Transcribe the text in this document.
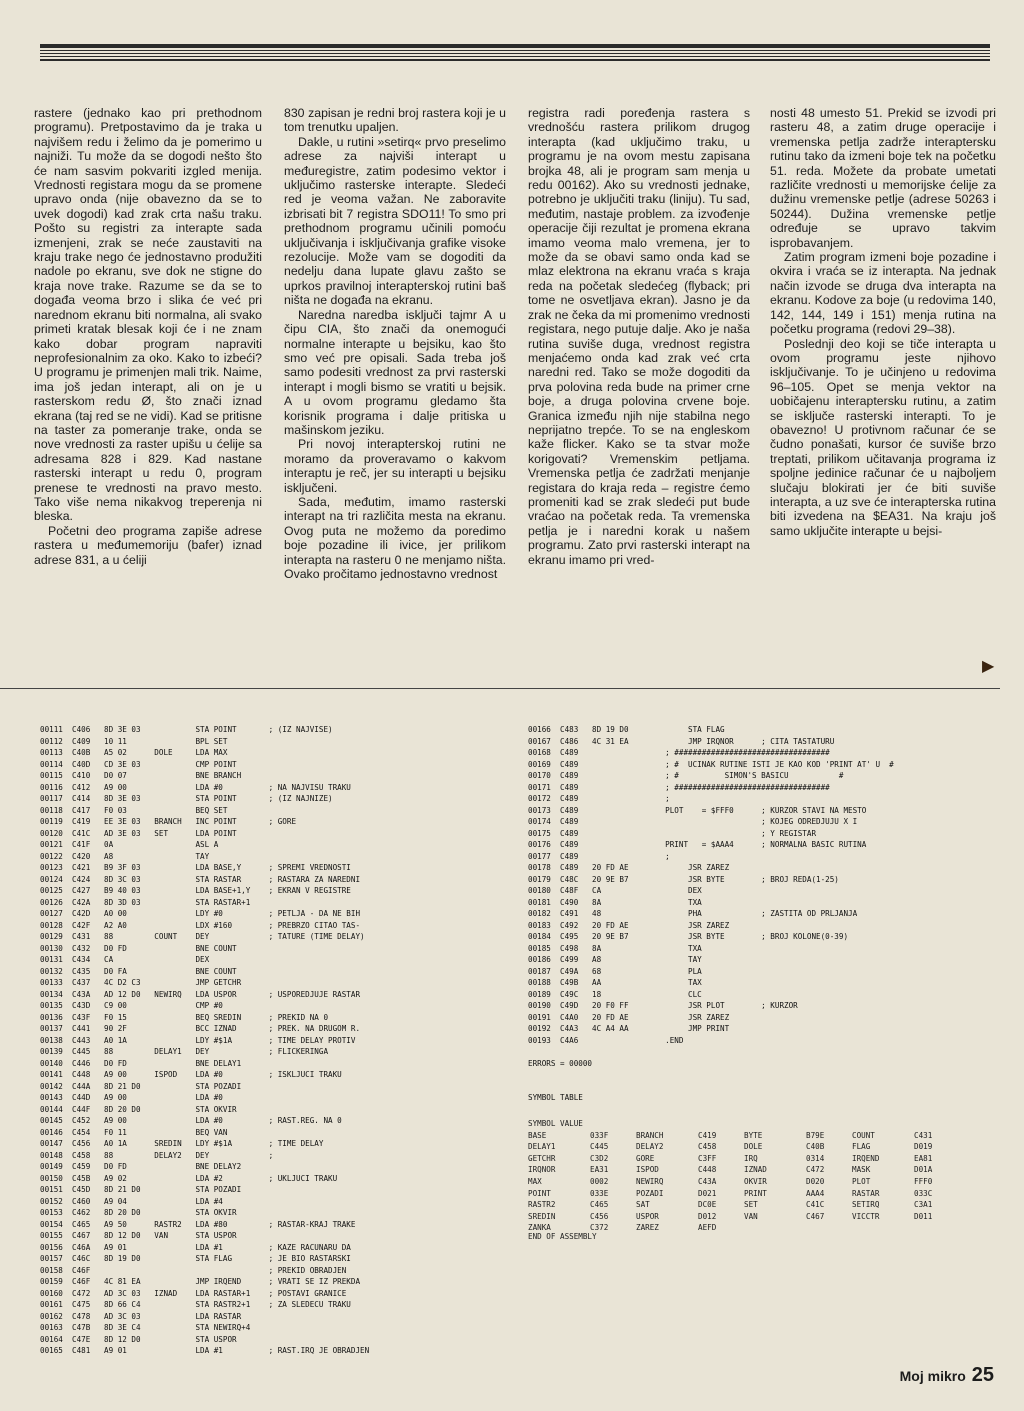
rastere (jednako kao pri prethodnom programu). Pretpostavimo da je traka u najvišem redu i želimo da je pomerimo u najniži. Tu može da se dogodi nešto što će nam sasvim pokvariti izgled menija. Vrednosti registara mogu da se promene upravo onda (nije obavezno da se to uvek dogodi) kad zrak crta našu traku. Pošto su registri za interapte sada izmenjeni, zrak se neće zaustaviti na kraju trake nego će jednostavno produžiti nadole po ekranu, sve dok ne stigne do kraja nove trake. Razume se da se to događa veoma brzo i slika će već pri narednom ekranu biti normalna, ali svako primeti kratak blesak koji će i ne znam kako dobar program napraviti neprofesionalnim za oko. Kako to izbeći? U programu je primenjen mali trik. Naime, ima još jedan interapt, ali on je u rasterskom redu Ø, što znači iznad ekrana (taj red se ne vidi). Kad se pritisne na taster za pomeranje trake, onda se nove vrednosti za raster upišu u ćelije sa adresama 828 i 829. Kad nastane rasterski interapt u redu 0, program prenese te vrednosti na pravo mesto. Tako više nema nikakvog treperenja ni bleska.

Početni deo programa zapiše adrese rastera u međumemoriju (bafer) iznad adrese 831, a u ćeliji

830 zapisan je redni broj rastera koji je u tom trenutku upaljen.

Dakle, u rutini »setirq« prvo preselimo adrese za najviši interapt u međuregistre, zatim podesimo vektor i uključimo rasterske interapte. Sledeći red je veoma važan. Ne zaboravite izbrisati bit 7 registra SDO11! To smo pri prethodnom programu učinili pomoću uključivanja i isključivanja grafike visoke rezolucije. Može vam se dogoditi da nedelju dana lupate glavu zašto se uprkos pravilnoj interapterskoj rutini baš ništa ne događa na ekranu.

Naredna naredba isključi tajmr A u čipu CIA, što znači da onemogući normalne interapte u bejsiku, kao što smo već pre opisali. Sada treba još samo podesiti vrednost za prvi rasterski interapt i mogli bismo se vratiti u bejsik. A u ovom programu gledamo šta korisnik programa i dalje pritiska u mašinskom jeziku.

Pri novoj interapterskoj rutini ne moramo da proveravamo o kakvom interaptu je reč, jer su interapti u bejsiku isključeni.

Sada, međutim, imamo rasterski interapt na tri različita mesta na ekranu. Ovog puta ne možemo da poredimo boje pozadine ili ivice, jer prilikom interapta na rasteru 0 ne menjamo ništa. Ovako pročitamo jednostavno vrednost

registra radi poređenja rastera s vrednošću rastera prilikom drugog interapta (kad uključimo traku, u programu je na ovom mestu zapisana brojka 48, ali je program sam menja u redu 00162). Ako su vrednosti jednake, potrebno je uključiti traku (liniju). Tu sad, međutim, nastaje problem. za izvođenje operacije čiji rezultat je promena ekrana imamo veoma malo vremena, jer to može da se obavi samo onda kad se mlaz elektrona na ekranu vraća s kraja reda na početak sledećeg (flyback; pri tome ne osvetljava ekran). Jasno je da zrak ne čeka da mi promenimo vrednosti registara, nego putuje dalje. Ako je naša rutina suviše duga, vrednost registra menjaćemo onda kad zrak već crta naredni red. Tako se može dogoditi da prva polovina reda bude na primer crne boje, a druga polovina crvene boje. Granica između njih nije stabilna nego neprijatno trepće. To se na engleskom kaže flicker. Kako se ta stvar može korigovati? Vremenskim petljama. Vremenska petlja će zadržati menjanje registara do kraja reda – registre ćemo promeniti kad se zrak sledeći put bude vraćao na početak reda. Ta vremenska petlja je i naredni korak u našem programu. Zato prvi rasterski interapt na ekranu imamo pri vred-

nosti 48 umesto 51. Prekid se izvodi pri rasteru 48, a zatim druge operacije i vremenska petlja zadrže interaptersku rutinu tako da izmeni boje tek na početku 51. reda. Možete da probate umetati različite vrednosti u memorijske ćelije za dužinu vremenske petlje (adrese 50263 i 50244). Dužina vremenske petlje određuje se upravo takvim isprobavanjem.

Zatim program izmeni boje pozadine i okvira i vraća se iz interapta. Na jednak način izvode se druga dva interapta na ekranu. Kodove za boje (u redovima 140, 142, 144, 149 i 151) menja rutina na početku programa (redovi 29–38).

Poslednji deo koji se tiče interapta u ovom programu jeste njihovo isključivanje. To je učinjeno u redovima 96–105. Opet se menja vektor na uobičajenu interaptersku rutinu, a zatim se isključe rasterski interapti. To je obavezno! U protivnom računar će se čudno ponašati, kursor će suviše brzo treptati, prilikom učitavanja programa iz spoljne jedinice računar će u najboljem slučaju blokirati jer će biti suviše interapta, a uz sve će interapterska rutina biti izvedena na $EA31. Na kraju još samo uključite interapte u bejsi-

▶
00111  C406   8D 3E 03            STA POINT       ; (IZ NAJVISE)
00112  C409   10 11               BPL SET
00113  C40B   A5 02      DOLE     LDA MAX
00114  C40D   CD 3E 03            CMP POINT
00115  C410   D0 07               BNE BRANCH
00116  C412   A9 00               LDA #0          ; NA NAJVISU TRAKU
00117  C414   8D 3E 03            STA POINT       ; (IZ NAJNIZE)
00118  C417   F0 03               BEQ SET
00119  C419   EE 3E 03   BRANCH   INC POINT       ; GORE
00120  C41C   AD 3E 03   SET      LDA POINT
00121  C41F   0A                  ASL A
00122  C420   A8                  TAY
00123  C421   B9 3F 03            LDA BASE,Y      ; SPREMI VREDNOSTI
00124  C424   8D 3C 03            STA RASTAR      ; RASTARA ZA NAREDNI
00125  C427   B9 40 03            LDA BASE+1,Y    ; EKRAN V REGISTRE
00126  C42A   8D 3D 03            STA RASTAR+1
00127  C42D   A0 00               LDY #0          ; PETLJA - DA NE BIH
00128  C42F   A2 A0               LDX #160        ; PREBRZO CITAO TAS-
00129  C431   88         COUNT    DEY             ; TATURE (TIME DELAY)
00130  C432   D0 FD               BNE COUNT
00131  C434   CA                  DEX
00132  C435   D0 FA               BNE COUNT
00133  C437   4C D2 C3            JMP GETCHR
00134  C43A   AD 12 D0   NEWIRQ   LDA USPOR       ; USPOREDJUJE RASTAR
00135  C43D   C9 00               CMP #0
00136  C43F   F0 15               BEQ SREDIN      ; PREKID NA 0
00137  C441   90 2F               BCC IZNAD       ; PREK. NA DRUGOM R.
00138  C443   A0 1A               LDY #$1A        ; TIME DELAY PROTIV
00139  C445   88         DELAY1   DEY             ; FLICKERINGA
00140  C446   D0 FD               BNE DELAY1
00141  C448   A9 00      ISPOD    LDA #0          ; ISKLJUCI TRAKU
00142  C44A   8D 21 D0            STA POZADI
00143  C44D   A9 00               LDA #0
00144  C44F   8D 20 D0            STA OKVIR
00145  C452   A9 00               LDA #0          ; RAST.REG. NA 0
00146  C454   F0 11               BEQ VAN
00147  C456   A0 1A      SREDIN   LDY #$1A        ; TIME DELAY
00148  C458   88         DELAY2   DEY             ;
00149  C459   D0 FD               BNE DELAY2
00150  C45B   A9 02               LDA #2          ; UKLJUCI TRAKU
00151  C45D   8D 21 D0            STA POZADI
00152  C460   A9 04               LDA #4
00153  C462   8D 20 D0            STA OKVIR
00154  C465   A9 50      RASTR2   LDA #80         ; RASTAR-KRAJ TRAKE
00155  C467   8D 12 D0   VAN      STA USPOR
00156  C46A   A9 01               LDA #1          ; KAZE RACUNARU DA
00157  C46C   8D 19 D0            STA FLAG        ; JE BIO RASTARSKI
00158  C46F                                       ; PREKID OBRADJEN
00159  C46F   4C 81 EA            JMP IRQEND      ; VRATI SE IZ PREKDA
00160  C472   AD 3C 03   IZNAD    LDA RASTAR+1    ; POSTAVI GRANICE
00161  C475   8D 66 C4            STA RASTR2+1    ; ZA SLEDECU TRAKU
00162  C478   AD 3C 03            LDA RASTAR
00163  C47B   8D 3E C4            STA NEWIRQ+4
00164  C47E   8D 12 D0            STA USPOR
00165  C481   A9 01               LDA #1          ; RAST.IRQ JE OBRADJEN
00166  C483   8D 19 D0             STA FLAG
00167  C486   4C 31 EA             JMP IRQNOR      ; CITA TASTATURU
00168  C489                   ; ##################################
00169  C489                   ; #  UCINAK RUTINE ISTI JE KAO KOD 'PRINT AT' U  #
00170  C489                   ; #          SIMON'S BASICU           #
00171  C489                   ; ##################################
00172  C489                   ;
00173  C489                   PLOT    = $FFF0      ; KURZOR STAVI NA MESTO
00174  C489                                        ; KOJEG ODREDJUJU X I
00175  C489                                        ; Y REGISTAR
00176  C489                   PRINT   = $AAA4      ; NORMALNA BASIC RUTINA
00177  C489                   ;
00178  C489   20 FD AE             JSR ZAREZ
00179  C48C   20 9E B7             JSR BYTE        ; BROJ REDA(1-25)
00180  C48F   CA                   DEX
00181  C490   8A                   TXA
00182  C491   48                   PHA             ; ZASTITA OD PRLJANJA
00183  C492   20 FD AE             JSR ZAREZ
00184  C495   20 9E B7             JSR BYTE        ; BROJ KOLONE(0-39)
00185  C498   8A                   TXA
00186  C499   A8                   TAY
00187  C49A   68                   PLA
00188  C49B   AA                   TAX
00189  C49C   18                   CLC
00190  C49D   20 F0 FF             JSR PLOT        ; KURZOR
00191  C4A0   20 FD AE             JSR ZAREZ
00192  C4A3   4C A4 AA             JMP PRINT
00193  C4A6                   .END

ERRORS = 00000

SYMBOL TABLE
SYMBOL VALUE							
BASE	033F	BRANCH	C419	BYTE	B79E	COUNT	C431
DELAY1	C445	DELAY2	C458	DOLE	C40B	FLAG	D019
GETCHR	C3D2	GORE	C3FF	IRQ	0314	IRQEND	EA81
IRQNOR	EA31	ISPOD	C448	IZNAD	C472	MASK	D01A
MAX	0002	NEWIRQ	C43A	OKVIR	D020	PLOT	FFF0
POINT	033E	POZADI	D021	PRINT	AAA4	RASTAR	033C
RASTR2	C465	SAT	DC0E	SET	C41C	SETIRQ	C3A1
SREDIN	C456	USPOR	D012	VAN	C467	VICCTR	D011
ZANKA	C372	ZAREZ	AEFD				
END OF ASSEMBLY
Moj mikro 25
